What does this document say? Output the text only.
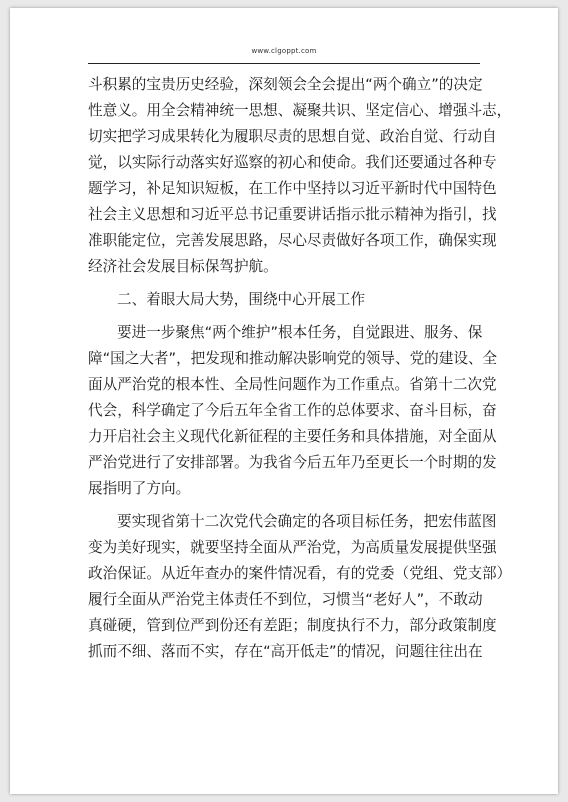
www.clgoppt.com
斗积累的宝贵历史经验，深刻领会全会提出“两个确立”的决定
性意义。用全会精神统一思想、凝聚共识、坚定信心、增强斗志，
切实把学习成果转化为履职尽责的思想自觉、政治自觉、行动自
觉，以实际行动落实好巡察的初心和使命。我们还要通过各种专
题学习，补足知识短板，在工作中坚持以习近平新时代中国特色
社会主义思想和习近平总书记重要讲话指示批示精神为指引，找
准职能定位，完善发展思路，尽心尽责做好各项工作，确保实现
经济社会发展目标保驾护航。
二、着眼大局大势，围绕中心开展工作
要进一步聚焦“两个维护”根本任务，自觉跟进、服务、保
障“国之大者”，把发现和推动解决影响党的领导、党的建设、全
面从严治党的根本性、全局性问题作为工作重点。省第十二次党
代会，科学确定了今后五年全省工作的总体要求、奋斗目标，奋
力开启社会主义现代化新征程的主要任务和具体措施，对全面从
严治党进行了安排部署。为我省今后五年乃至更长一个时期的发
展指明了方向。
要实现省第十二次党代会确定的各项目标任务，把宏伟蓝图
变为美好现实，就要坚持全面从严治党，为高质量发展提供坚强
政治保证。从近年查办的案件情况看，有的党委（党组、党支部）
履行全面从严治党主体责任不到位，习惯当“老好人”，不敢动
真碰硬，管到位严到份还有差距；制度执行不力，部分政策制度
抓而不细、落而不实，存在“高开低走”的情况，问题往往出在
